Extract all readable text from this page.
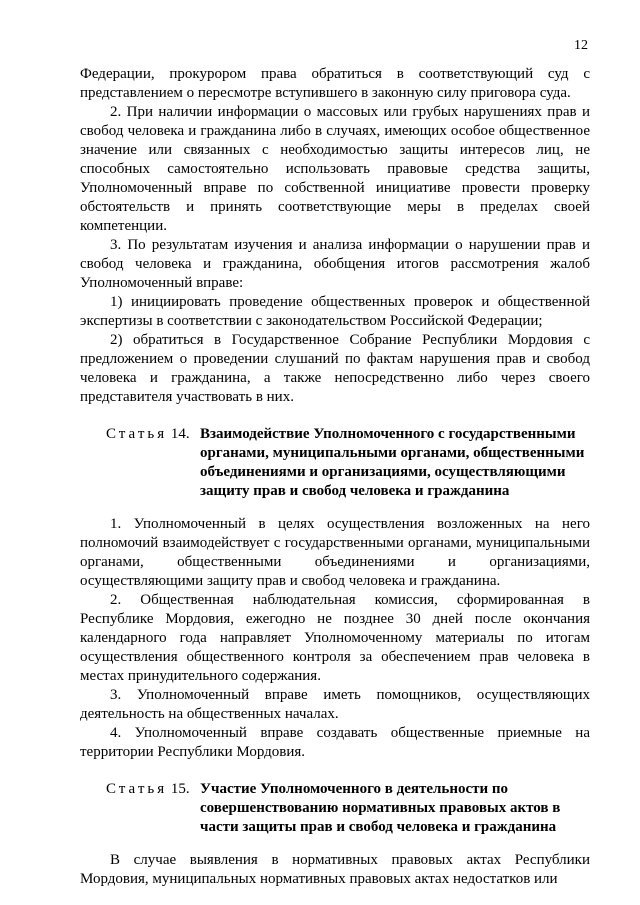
12

Федерации, прокурором права обратиться в соответствующий суд с представлением о пересмотре вступившего в законную силу приговора суда.

2. При наличии информации о массовых или грубых нарушениях прав и свобод человека и гражданина либо в случаях, имеющих особое общественное значение или связанных с необходимостью защиты интересов лиц, не способных самостоятельно использовать правовые средства защиты, Уполномоченный вправе по собственной инициативе провести проверку обстоятельств и принять соответствующие меры в пределах своей компетенции.

3. По результатам изучения и анализа информации о нарушении прав и свобод человека и гражданина, обобщения итогов рассмотрения жалоб Уполномоченный вправе:

1) инициировать проведение общественных проверок и общественной экспертизы в соответствии с законодательством Российской Федерации;

2) обратиться в Государственное Собрание Республики Мордовия с предложением о проведении слушаний по фактам нарушения прав и свобод человека и гражданина, а также непосредственно либо через своего представителя участвовать в них.

Статья 14. Взаимодействие Уполномоченного с государственными органами, муниципальными органами, общественными объединениями и организациями, осуществляющими защиту прав и свобод человека и гражданина

1. Уполномоченный в целях осуществления возложенных на него полномочий взаимодействует с государственными органами, муниципальными органами, общественными объединениями и организациями, осуществляющими защиту прав и свобод человека и гражданина.

2. Общественная наблюдательная комиссия, сформированная в Республике Мордовия, ежегодно не позднее 30 дней после окончания календарного года направляет Уполномоченному материалы по итогам осуществления общественного контроля за обеспечением прав человека в местах принудительного содержания.

3. Уполномоченный вправе иметь помощников, осуществляющих деятельность на общественных началах.

4. Уполномоченный вправе создавать общественные приемные на территории Республики Мордовия.

Статья 15. Участие Уполномоченного в деятельности по совершенствованию нормативных правовых актов в части защиты прав и свобод человека и гражданина

В случае выявления в нормативных правовых актах Республики Мордовия, муниципальных нормативных правовых актах недостатков или
